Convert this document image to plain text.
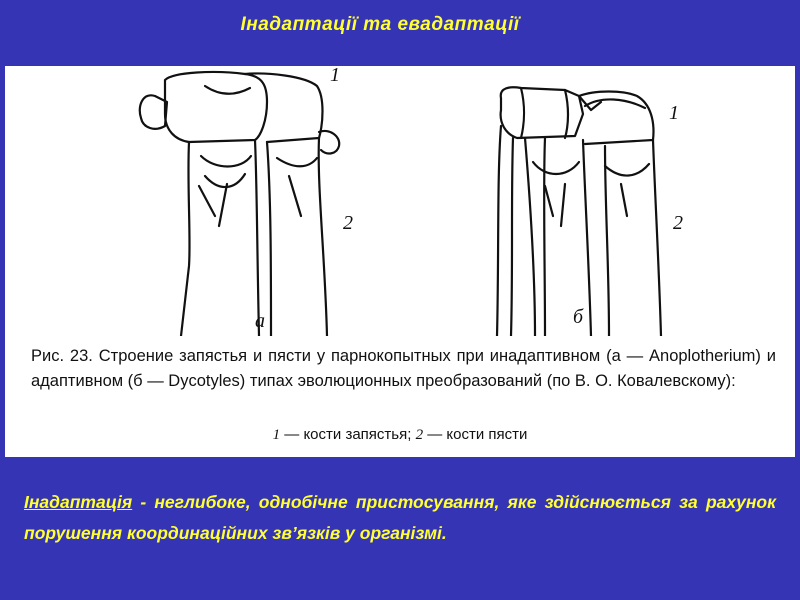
Інадаптації та евадаптації
1
2
1
2
а	б
Рис. 23. Строение запястья и пясти у парнокопытных при инадаптивном (а — Anoplotherium) и адаптивном (б — Dycotyles) типах эволюционных преобразований (по В. О. Ковалевскому):
1 — кости запястья; 2 — кости пясти
Інадаптація - неглибоке, однобічне пристосування, яке здійснюється за рахунок порушення координаційних зв’язків у організмі.
